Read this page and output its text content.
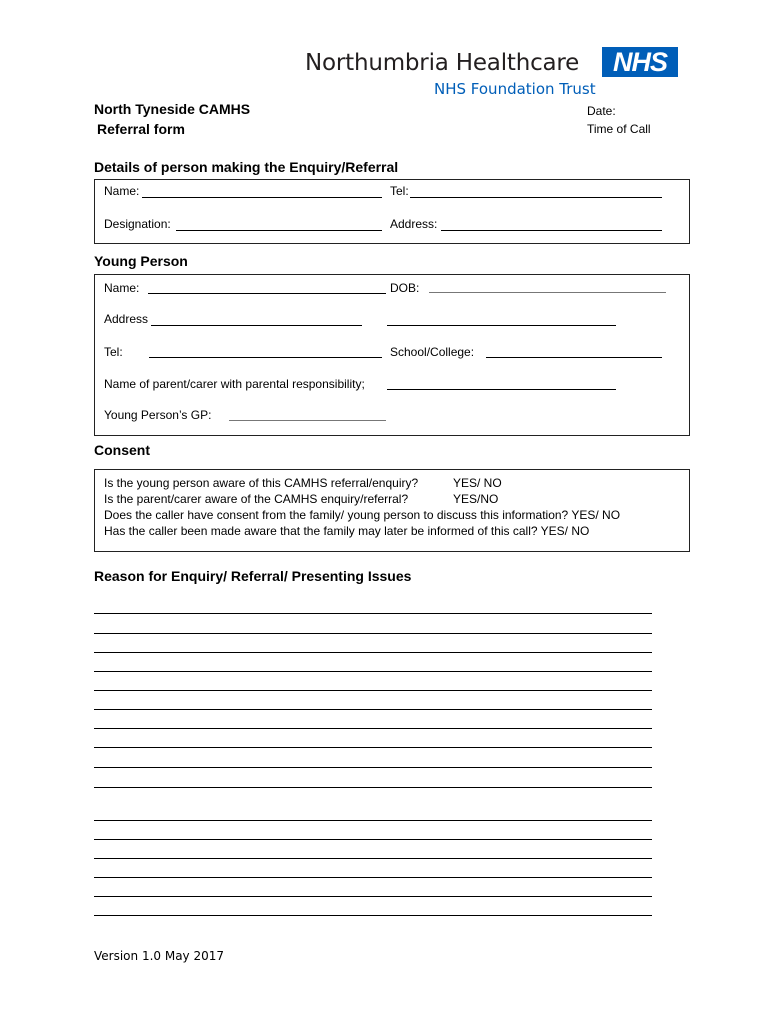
Northumbria Healthcare	NHS
NHS Foundation Trust
North Tyneside CAMHS
Referral form
Date:
Time of Call
Details of person making the Enquiry/Referral
Name:	Tel:
Designation:	Address:
Young Person
Name:	DOB:
Address
Tel:	School/College:
Name of parent/carer with parental responsibility;
Young Person’s GP:
Consent
Is the young person aware of this CAMHS referral/enquiry?	YES/ NO
Is the parent/carer aware of the CAMHS enquiry/referral?	YES/NO
Does the caller have consent from the family/ young person to discuss this information? YES/ NO
Has the caller been made aware that the family may later be informed of this call? YES/ NO
Reason for Enquiry/ Referral/ Presenting Issues
Version 1.0 May 2017
